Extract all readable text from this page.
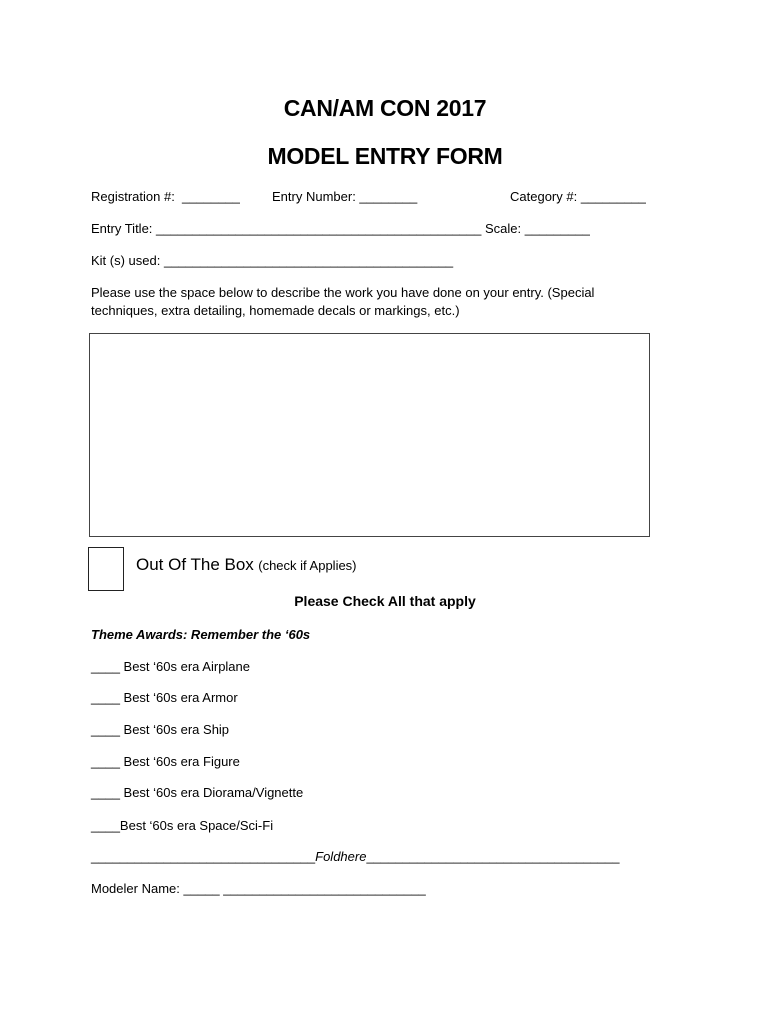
CAN/AM CON 2017
MODEL ENTRY FORM
Registration #:  ________ Entry Number: ________	Category #: _________
Entry Title: _____________________________________________ Scale: _________
Kit (s) used: ________________________________________
Please use the space below to describe the work you have done on your entry. (Special
techniques, extra detailing, homemade decals or markings, etc.)
Out Of The Box (check if Applies)
Please Check All that apply
Theme Awards: Remember the ‘60s
____ Best ‘60s era Airplane
____ Best ‘60s era Armor
____ Best ‘60s era Ship
____ Best ‘60s era Figure
____ Best ‘60s era Diorama/Vignette
____Best ‘60s era Space/Sci-Fi
_______________________________Foldhere___________________________________
Modeler Name: _____ ____________________________
